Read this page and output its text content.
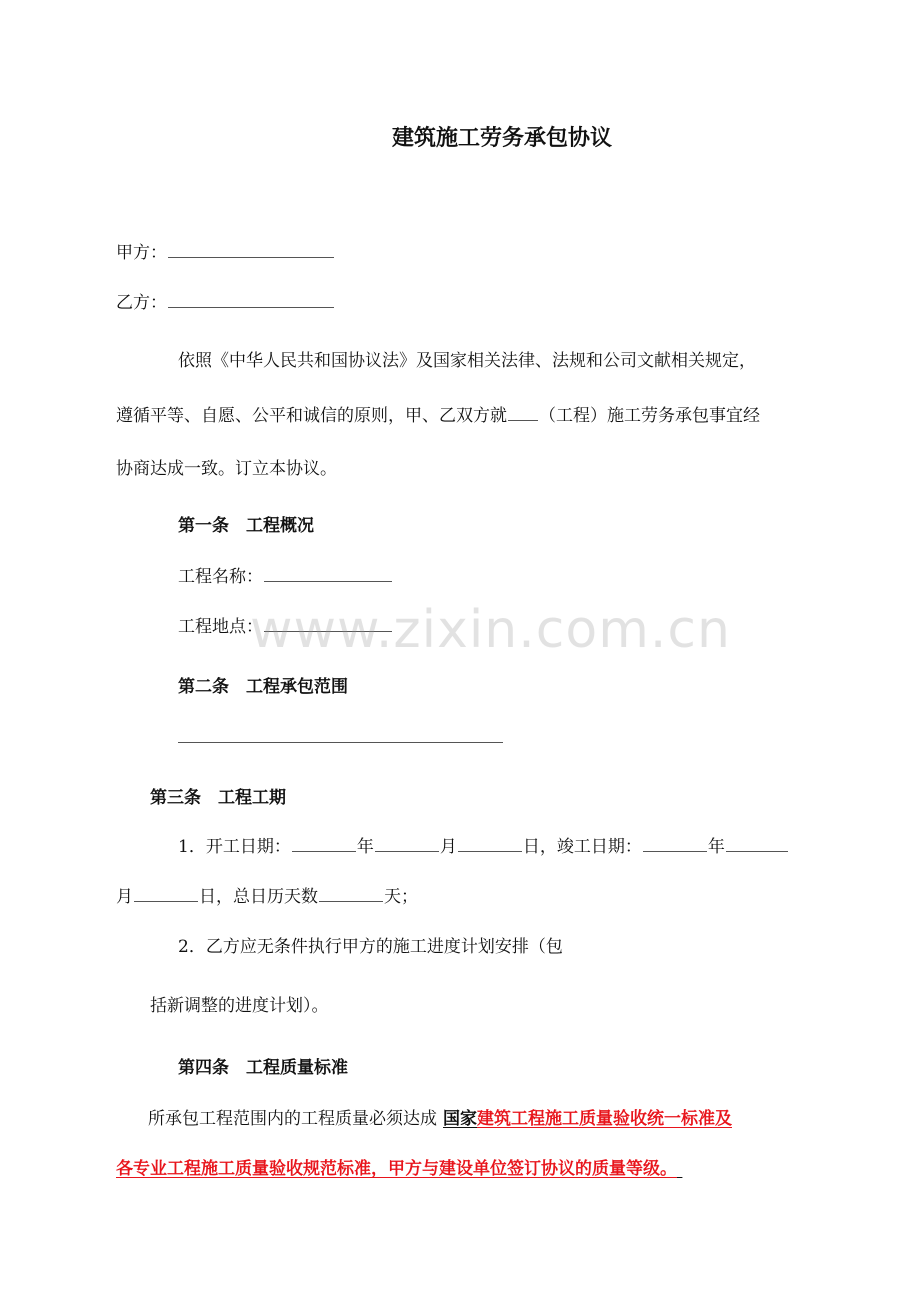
建筑施工劳务承包协议
甲方：
乙方：
依照《中华人民共和国协议法》及国家相关法律、法规和公司文献相关规定，
遵循平等、自愿、公平和诚信的原则，甲、乙双方就 （工程）施工劳务承包事宜经
协商达成一致。订立本协议。
第一条　工程概况
工程名称：
工程地点：
第二条　工程承包范围
第三条　工程工期
1．开工日期：	年	月	日，竣工日期：	年
月	日，总日历天数	天；
2．乙方应无条件执行甲方的施工进度计划安排（包
括新调整的进度计划）。
第四条　工程质量标准
所承包工程范围内的工程质量必须达成 国家建筑工程施工质量验收统一标准及
各专业工程施工质量验收规范标准，甲方与建设单位签订协议的质量等级。
www.zixin.com.cn
